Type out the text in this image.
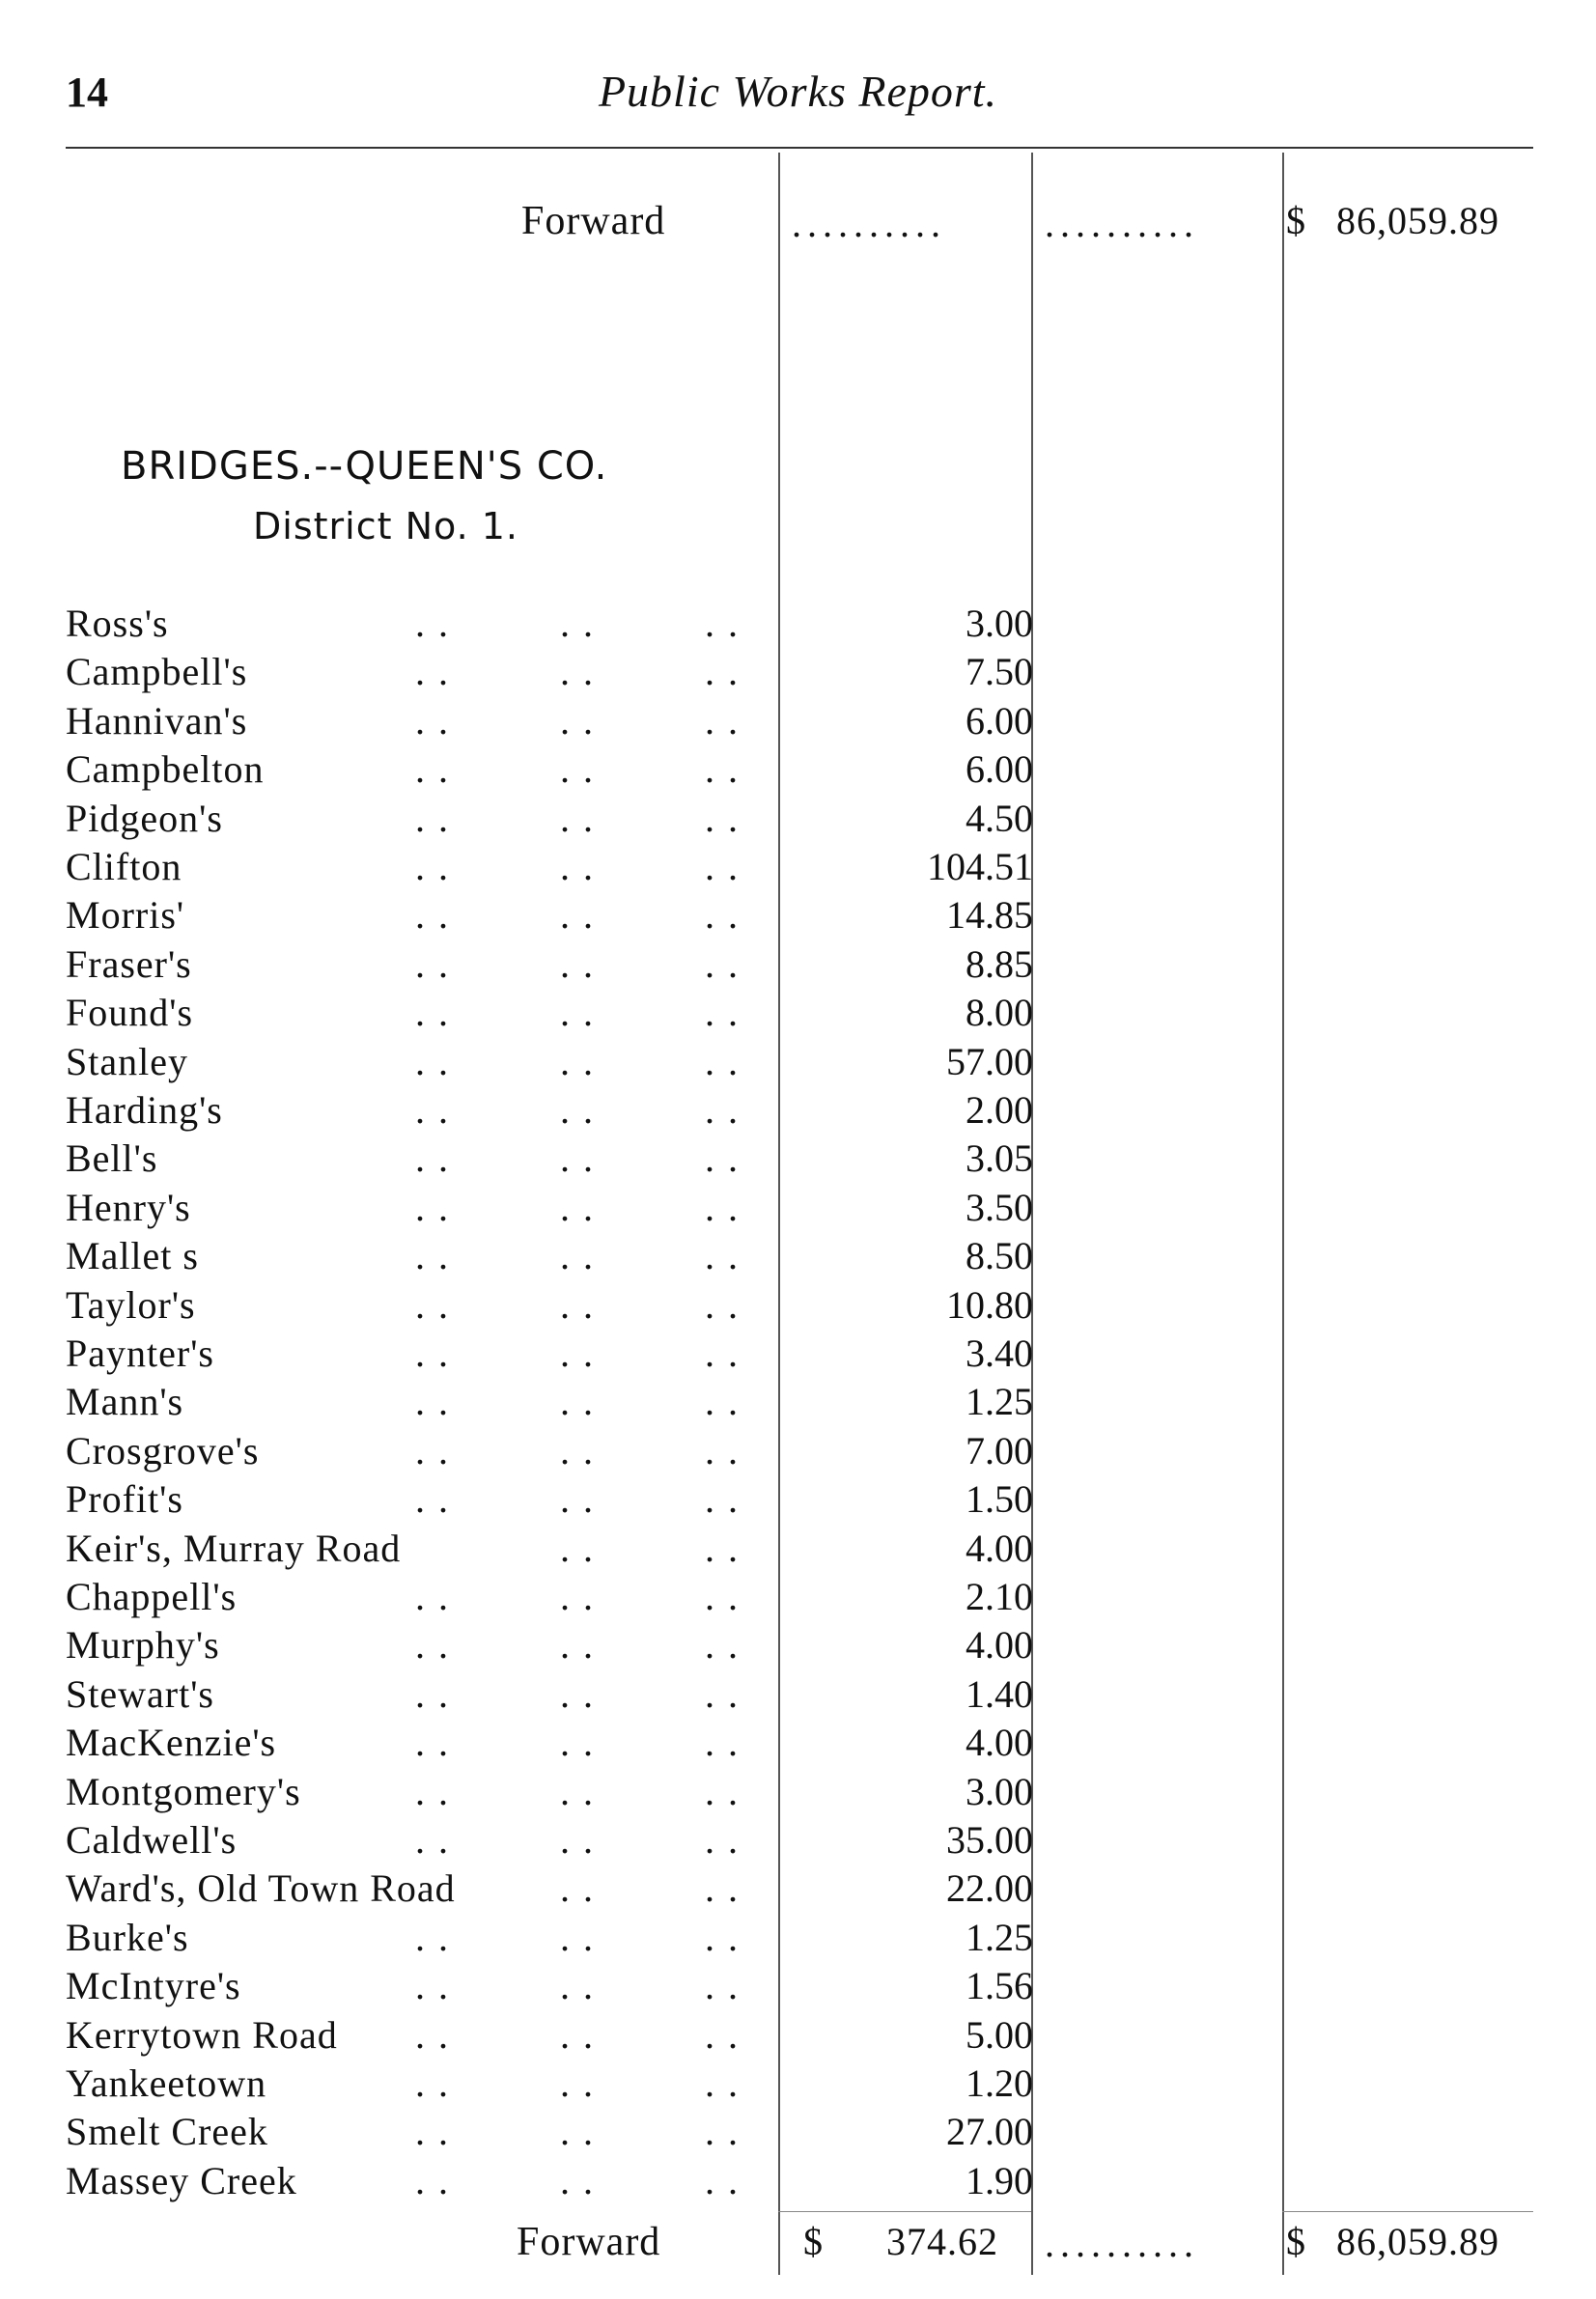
14	Public Works Report.
Forward	..........	.......... $ 86,059.89
BRIDGES.--QUEEN'S CO.
District No. 1.
Ross's	. .	. .	. .	3.00
Campbell's	. .	. .	. .	7.50
Hannivan's	. .	. .	. .	6.00
Campbelton	. .	. .	. .	6.00
Pidgeon's	. .	. .	. .	4.50
Clifton	. .	. .	. .	104.51
Morris'	. .	. .	. .	14.85
Fraser's	. .	. .	. .	8.85
Found's	. .	. .	. .	8.00
Stanley	. .	. .	. .	57.00
Harding's	. .	. .	. .	2.00
Bell's	. .	. .	. .	3.05
Henry's	. .	. .	. .	3.50
Mallet s	. .	. .	. .	8.50
Taylor's	. .	. .	. .	10.80
Paynter's	. .	. .	. .	3.40
Mann's	. .	. .	. .	1.25
Crosgrove's	. .	. .	. .	7.00
Profit's	. .	. .	. .	1.50
Keir's, Murray Road	. .	. .	4.00
Chappell's	. .	. .	. .	2.10
Murphy's	. .	. .	. .	4.00
Stewart's	. .	. .	. .	1.40
MacKenzie's	. .	. .	. .	4.00
Montgomery's	. .	. .	. .	3.00
Caldwell's	. .	. .	. .	35.00
Ward's, Old Town Road	. .	. .	22.00
Burke's	. .	. .	. .	1.25
McIntyre's	. .	. .	. .	1.56
Kerrytown Road . .	. .	. .	5.00
Yankeetown	. .	. .	. .	1.20
Smelt Creek	. .	. .	. .	27.00
Massey Creek	. .	. .	. .	1.90
Forward	$ 374.62 .......... $ 86,059.89
